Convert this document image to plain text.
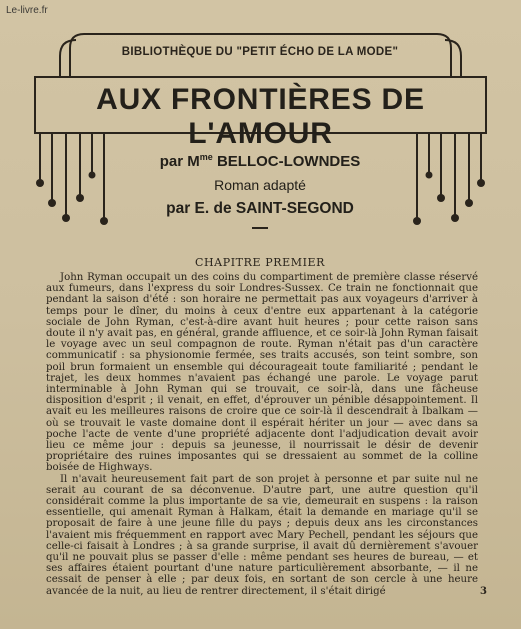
Le-livre.fr
BIBLIOTHÈQUE DU "PETIT ÉCHO DE LA MODE"
AUX FRONTIÈRES DE L'AMOUR
par $M^{me}$ BELLOC-LOWNDES
Roman adapté
par E. de SAINT-SEGOND
CHAPITRE PREMIER

John Ryman occupait un des coins du compartiment de première classe réservé aux fumeurs, dans l'express du soir Londres-Sussex. Ce train ne fonctionnait que pendant la saison d'été : son horaire ne permettait pas aux voyageurs d'arriver à temps pour le dîner, du moins à ceux d'entre eux appartenant à la catégorie sociale de John Ryman, c'est-à-dire avant huit heures ; pour cette raison sans doute il n'y avait pas, en général, grande affluence, et ce soir-là John Ryman faisait le voyage avec un seul compagnon de route. Ryman n'était pas d'un caractère communicatif : sa physionomie fermée, ses traits accusés, son teint sombre, son poil brun formaient un ensemble qui décourageait toute familiarité ; pendant le trajet, les deux hommes n'avaient pas échangé une parole. Le voyage parut interminable à John Ryman qui se trouvait, ce soir-là, dans une fâcheuse disposition d'esprit ; il venait, en effet, d'éprouver un pénible désappointement. Il avait eu les meilleures raisons de croire que ce soir-là il descendrait à Ibalkam — où se trouvait le vaste domaine dont il espérait hériter un jour — avec dans sa poche l'acte de vente d'une propriété adjacente dont l'adjudication devait avoir lieu ce même jour : depuis sa jeunesse, il nourrissait le désir de devenir propriétaire des ruines imposantes qui se dressaient au sommet de la colline boisée de Highways.

Il n'avait heureusement fait part de son projet à personne et par suite nul ne serait au courant de sa déconvenue. D'autre part, une autre question qu'il considérait comme la plus importante de sa vie, demeurait en suspens : la raison essentielle, qui amenait Ryman à Halkam, était la demande en mariage qu'il se proposait de faire à une jeune fille du pays ; depuis deux ans les circonstances l'avaient mis fréquemment en rapport avec Mary Pechell, pendant les séjours que celle-ci faisait à Londres ; à sa grande surprise, il avait dû dernièrement s'avouer qu'il ne pouvait plus se passer d'elle : même pendant ses heures de bureau, — et ses affaires étaient pourtant d'une nature particulièrement absorbante, — il ne cessait de penser à elle ; par deux fois, en sortant de son cercle à une heure avancée de la nuit, au lieu de rentrer directement, il s'était dirigé	3
